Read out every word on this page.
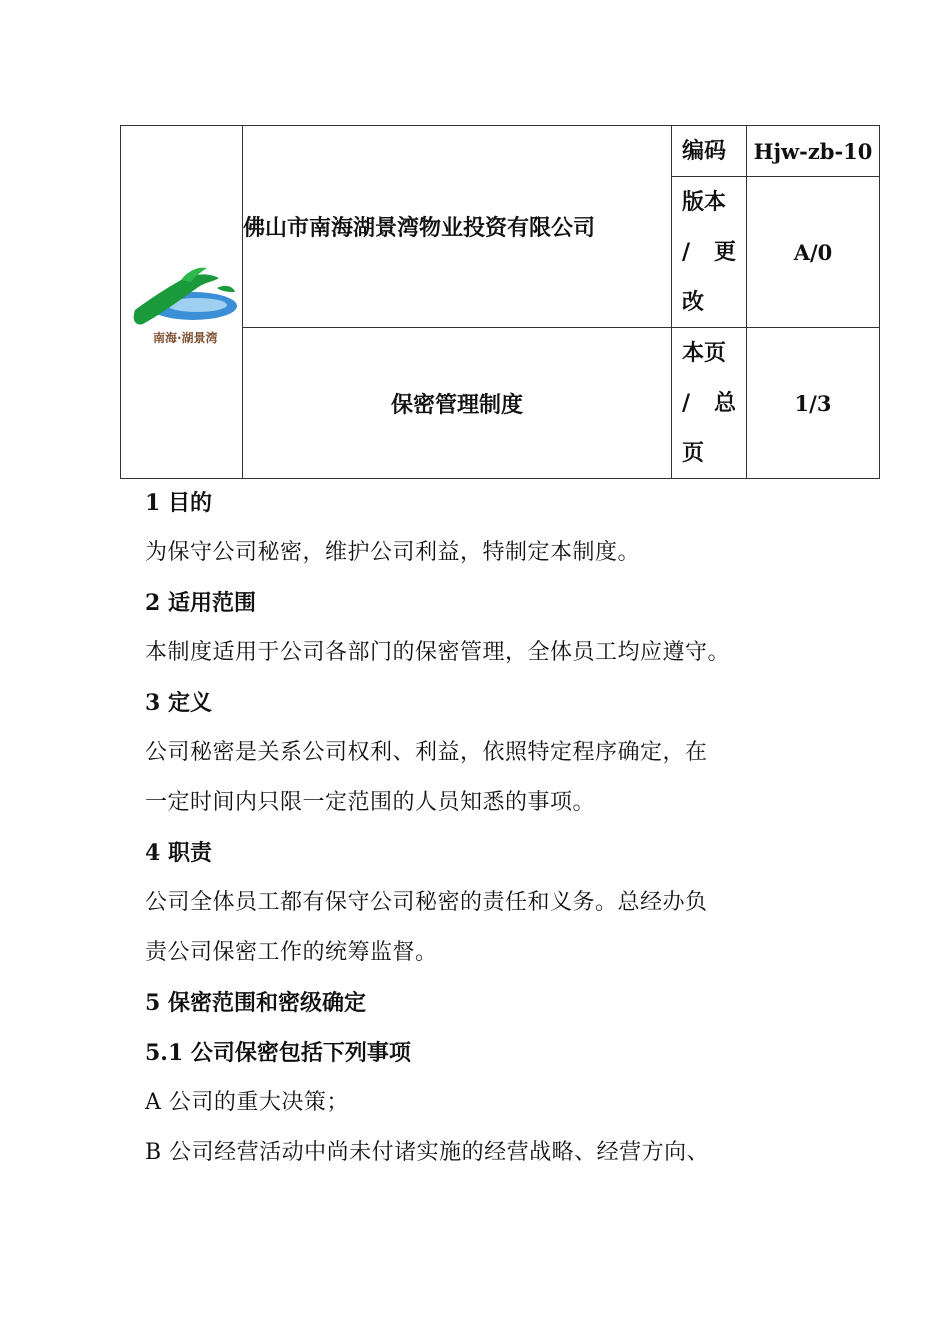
南海·湖景湾	佛山市南海湖景湾物业投资有限公司	编码	Hjw-zb-10

		版本
/ 更
改	A/0

	保密管理制度	本页
/ 总
页	1/3
1 目的
为保守公司秘密，维护公司利益，特制定本制度。
2 适用范围
本制度适用于公司各部门的保密管理，全体员工均应遵守。
3 定义
公司秘密是关系公司权利、利益，依照特定程序确定，在
一定时间内只限一定范围的人员知悉的事项。
4 职责
公司全体员工都有保守公司秘密的责任和义务。总经办负
责公司保密工作的统筹监督。
5 保密范围和密级确定
5.1 公司保密包括下列事项
A 公司的重大决策；
B 公司经营活动中尚未付诸实施的经营战略、经营方向、
